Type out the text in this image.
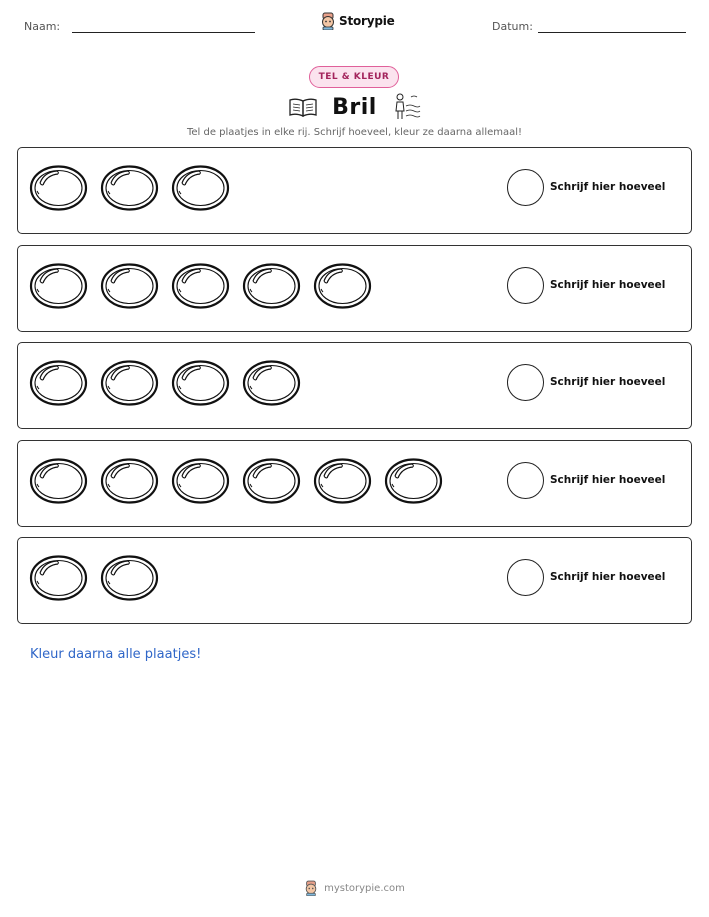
Naam:	Storypie	Datum:
TEL & KLEUR
Bril
Tel de plaatjes in elke rij. Schrijf hoeveel, kleur ze daarna allemaal!
Schrijf hier hoeveel
Schrijf hier hoeveel
Schrijf hier hoeveel
Schrijf hier hoeveel
Schrijf hier hoeveel
Kleur daarna alle plaatjes!
mystorypie.com
